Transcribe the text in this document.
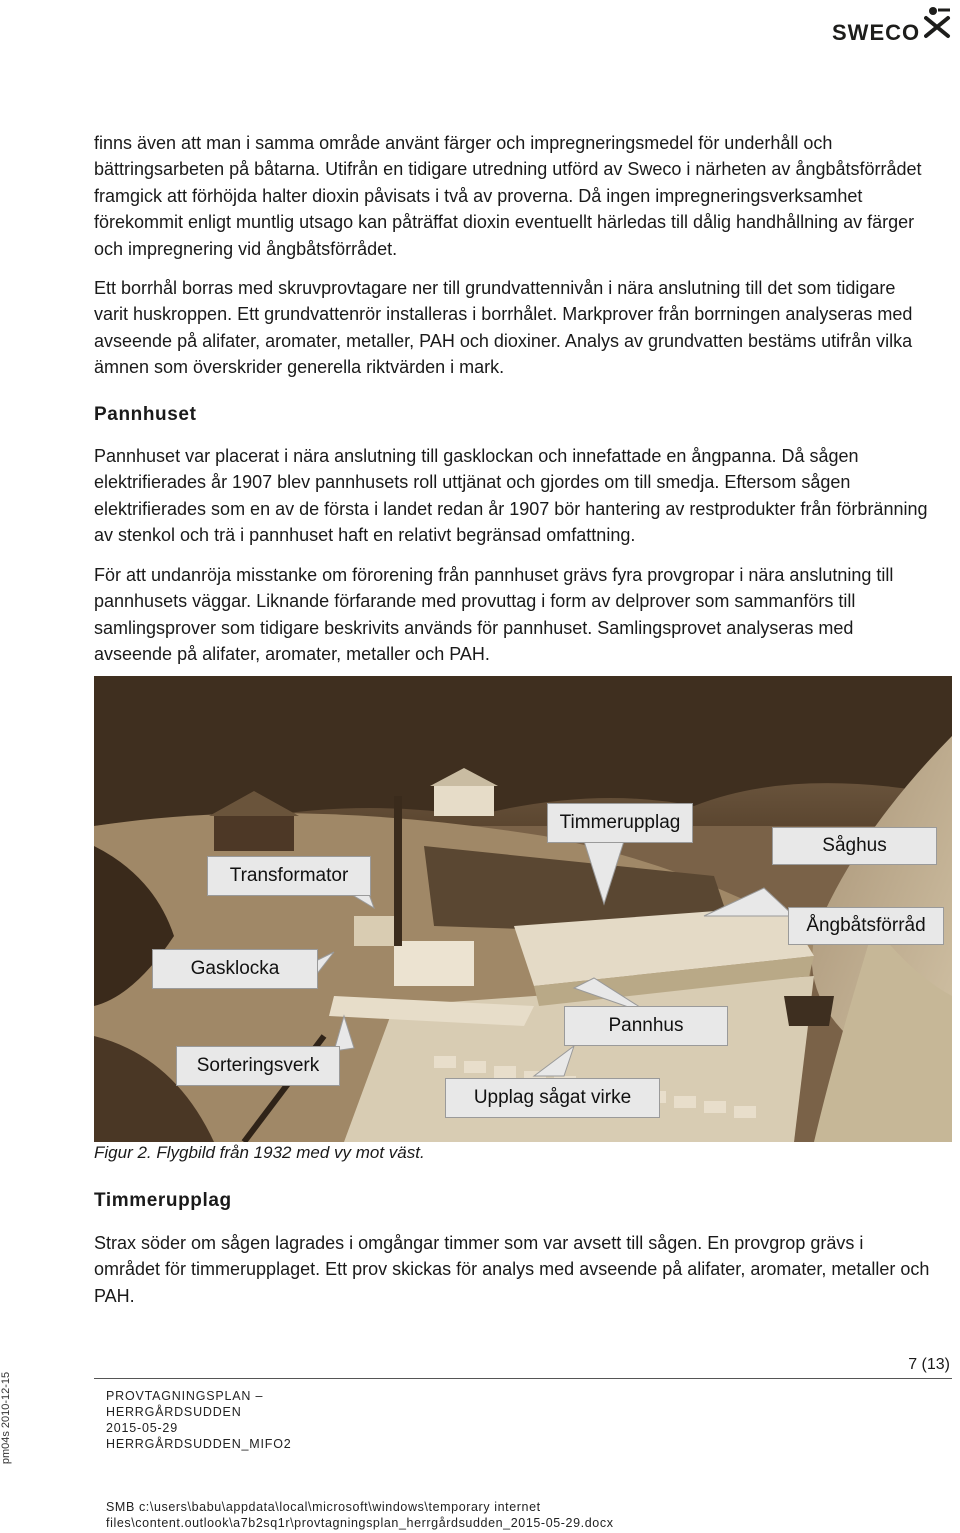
SWECO

finns även att man i samma område använt färger och impregneringsmedel för underhåll och bättringsarbeten på båtarna. Utifrån en tidigare utredning utförd av Sweco i närheten av ångbåtsförrådet framgick att förhöjda halter dioxin påvisats i två av proverna. Då ingen impregneringsverksamhet förekommit enligt muntlig utsago kan påträffat dioxin eventuellt härledas till dålig handhållning av färger och impregnering vid ångbåtsförrådet.

Ett borrhål borras med skruvprovtagare ner till grundvattennivån i nära anslutning till det som tidigare varit huskroppen. Ett grundvattenrör installeras i borrhålet. Markprover från borrningen analyseras med avseende på alifater, aromater, metaller, PAH och dioxiner. Analys av grundvatten bestäms utifrån vilka ämnen som överskrider generella riktvärden i mark.

Pannhuset

Pannhuset var placerat i nära anslutning till gasklockan och innefattade en ångpanna. Då sågen elektrifierades år 1907 blev pannhusets roll uttjänat och gjordes om till smedja. Eftersom sågen elektrifierades som en av de första i landet redan år 1907 bör hantering av restprodukter från förbränning av stenkol och trä i pannhuset haft en relativt begränsad omfattning.

För att undanröja misstanke om förorening från pannhuset grävs fyra provgropar i nära anslutning till pannhusets väggar. Liknande förfarande med provuttag i form av delprover som sammanförs till samlingsprover som tidigare beskrivits används för pannhuset. Samlingsprovet analyseras med avseende på alifater, aromater, metaller och PAH.

Timmerupplag
Såghus
Transformator
Ångbåtsförråd
Gasklocka
Pannhus
Sorteringsverk
Upplag sågat virke
Figur 2. Flygbild från 1932 med vy mot väst.
Timmerupplag

Strax söder om sågen lagrades i omgångar timmer som var avsett till sågen. En provgrop grävs i området för timmerupplaget. Ett prov skickas för analys med avseende på alifater, aromater, metaller och PAH.

7 (13)
PROVTAGNINGSPLAN –
HERRGÅRDSUDDEN
2015-05-29
HERRGÅRDSUDDEN_MIFO2
pm04s 2010-12-15
SMB c:\users\babu\appdata\local\microsoft\windows\temporary internet
files\content.outlook\a7b2sq1r\provtagningsplan_herrgårdsudden_2015-05-29.docx
